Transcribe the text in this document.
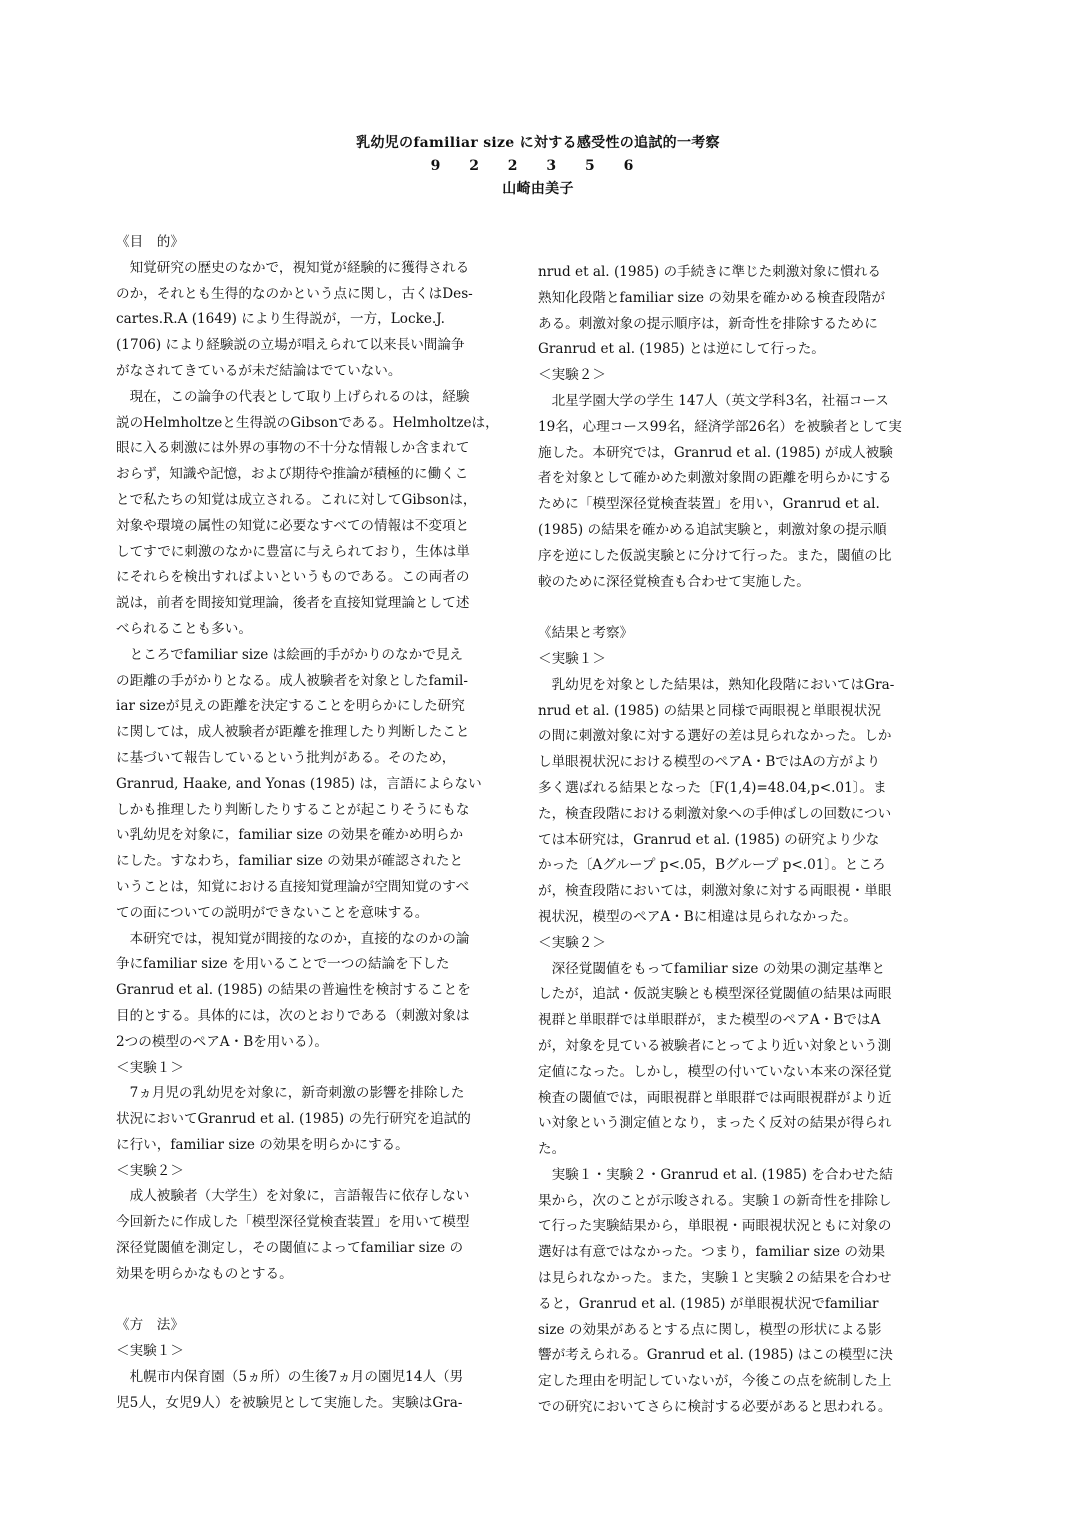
乳幼児のfamiliar size に対する感受性の追試的一考察
9 2 2 3 5 6
山崎由美子
《目　的》
　知覚研究の歴史のなかで，視知覚が経験的に獲得される
のか，それとも生得的なのかという点に関し，古くはDes-
cartes.R.A (1649) により生得説が，一方，Locke.J.
(1706) により経験説の立場が唱えられて以来長い間論争
がなされてきているが未だ結論はでていない。
　現在，この論争の代表として取り上げられるのは，経験
説のHelmholtzeと生得説のGibsonである。Helmholtzeは，
眼に入る刺激には外界の事物の不十分な情報しか含まれて
おらず，知識や記憶，および期待や推論が積極的に働くこ
とで私たちの知覚は成立される。これに対してGibsonは，
対象や環境の属性の知覚に必要なすべての情報は不変項と
してすでに刺激のなかに豊富に与えられており，生体は単
にそれらを検出すればよいというものである。この両者の
説は，前者を間接知覚理論，後者を直接知覚理論として述
べられることも多い。
　ところでfamiliar size は絵画的手がかりのなかで見え
の距離の手がかりとなる。成人被験者を対象としたfamil-
iar sizeが見えの距離を決定することを明らかにした研究
に関しては，成人被験者が距離を推理したり判断したこと
に基づいて報告しているという批判がある。そのため，
Granrud, Haake, and Yonas (1985) は，言語によらない
しかも推理したり判断したりすることが起こりそうにもな
い乳幼児を対象に，familiar size の効果を確かめ明らか
にした。すなわち，familiar size の効果が確認されたと
いうことは，知覚における直接知覚理論が空間知覚のすべ
ての面についての説明ができないことを意味する。
　本研究では，視知覚が間接的なのか，直接的なのかの論
争にfamiliar size を用いることで一つの結論を下した
Granrud et al. (1985) の結果の普遍性を検討することを
目的とする。具体的には，次のとおりである（刺激対象は
2つの模型のペアA・Bを用いる）。
＜実験１＞
　7ヵ月児の乳幼児を対象に，新奇刺激の影響を排除した
状況においてGranrud et al. (1985) の先行研究を追試的
に行い，familiar size の効果を明らかにする。
＜実験２＞
　成人被験者（大学生）を対象に，言語報告に依存しない
今回新たに作成した「模型深径覚検査装置」を用いて模型
深径覚閾値を測定し，その閾値によってfamiliar size の
効果を明らかなものとする。
《方　法》
＜実験１＞
　札幌市内保育園（5ヵ所）の生後7ヵ月の園児14人（男
児5人，女児9人）を被験児として実施した。実験はGra-
nrud et al. (1985) の手続きに準じた刺激対象に慣れる
熟知化段階とfamiliar size の効果を確かめる検査段階が
ある。刺激対象の提示順序は，新奇性を排除するために
Granrud et al. (1985) とは逆にして行った。
＜実験２＞
　北星学園大学の学生 147人（英文学科3名，社福コース
19名，心理コース99名，経済学部26名）を被験者として実
施した。本研究では，Granrud et al. (1985) が成人被験
者を対象として確かめた刺激対象間の距離を明らかにする
ために「模型深径覚検査装置」を用い，Granrud et al.
(1985) の結果を確かめる追試実験と，刺激対象の提示順
序を逆にした仮説実験とに分けて行った。また，閾値の比
較のために深径覚検査も合わせて実施した。
《結果と考察》
＜実験１＞
　乳幼児を対象とした結果は，熟知化段階においてはGra-
nrud et al. (1985) の結果と同様で両眼視と単眼視状況
の間に刺激対象に対する選好の差は見られなかった。しか
し単眼視状況における模型のペアA・BではAの方がより
多く選ばれる結果となった〔F(1,4)=48.04,p<.01〕。ま
た，検査段階における刺激対象への手伸ばしの回数につい
ては本研究は，Granrud et al. (1985) の研究より少な
かった〔Aグループ p<.05，Bグループ p<.01〕。ところ
が，検査段階においては，刺激対象に対する両眼視・単眼
視状況，模型のペアA・Bに相違は見られなかった。
＜実験２＞
　深径覚閾値をもってfamiliar size の効果の測定基準と
したが，追試・仮説実験とも模型深径覚閾値の結果は両眼
視群と単眼群では単眼群が，また模型のペアA・BではA
が，対象を見ている被験者にとってより近い対象という測
定値になった。しかし，模型の付いていない本来の深径覚
検査の閾値では，両眼視群と単眼群では両眼視群がより近
い対象という測定値となり，まったく反対の結果が得られ
た。
　実験１・実験２・Granrud et al. (1985) を合わせた結
果から，次のことが示唆される。実験１の新奇性を排除し
て行った実験結果から，単眼視・両眼視状況ともに対象の
選好は有意ではなかった。つまり，familiar size の効果
は見られなかった。また，実験１と実験２の結果を合わせ
ると，Granrud et al. (1985) が単眼視状況でfamiliar
size の効果があるとする点に関し，模型の形状による影
響が考えられる。Granrud et al. (1985) はこの模型に決
定した理由を明記していないが，今後この点を統制した上
での研究においてさらに検討する必要があると思われる。
